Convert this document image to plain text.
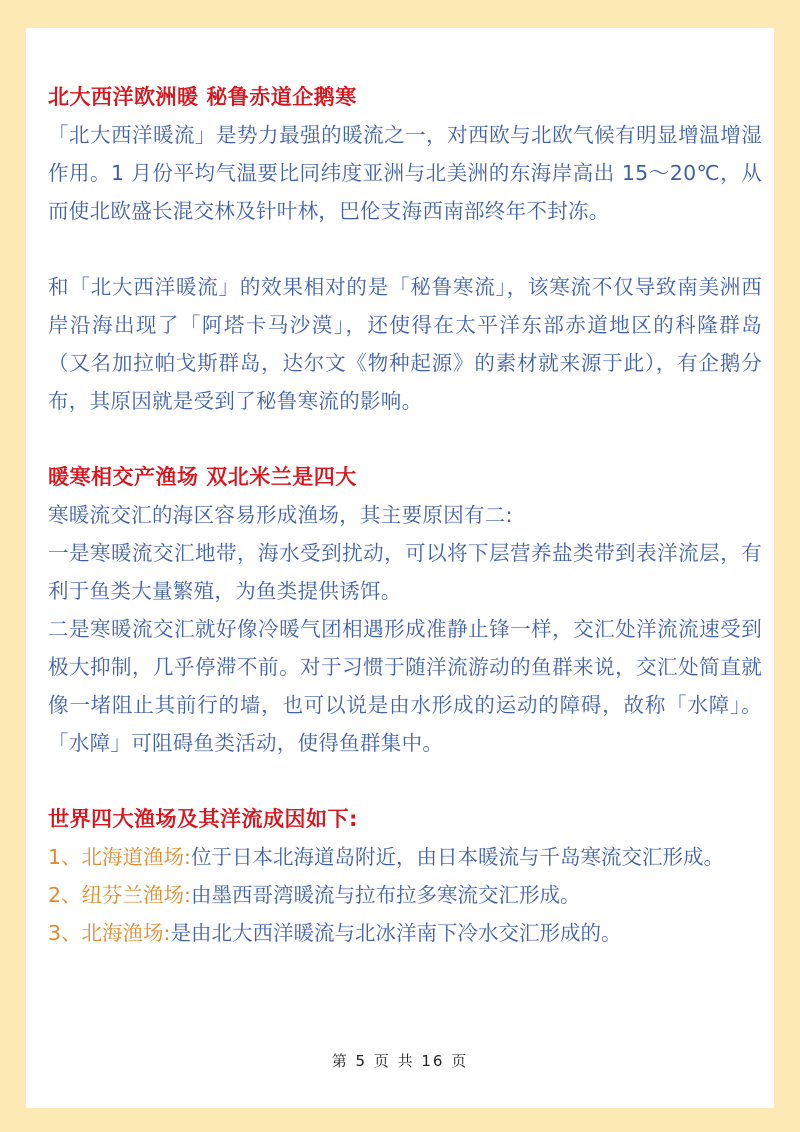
北大西洋欧洲暖 秘鲁赤道企鹅寒
「北大西洋暖流」是势力最强的暖流之一，对西欧与北欧气候有明显增温增湿作用。1 月份平均气温要比同纬度亚洲与北美洲的东海岸高出 15～20℃，从而使北欧盛长混交林及针叶林，巴伦支海西南部终年不封冻。
和「北大西洋暖流」的效果相对的是「秘鲁寒流」，该寒流不仅导致南美洲西岸沿海出现了「阿塔卡马沙漠」，还使得在太平洋东部赤道地区的科隆群岛（又名加拉帕戈斯群岛，达尔文《物种起源》的素材就来源于此），有企鹅分布，其原因就是受到了秘鲁寒流的影响。
暖寒相交产渔场 双北米兰是四大
寒暖流交汇的海区容易形成渔场，其主要原因有二:
一是寒暖流交汇地带，海水受到扰动，可以将下层营养盐类带到表洋流层，有利于鱼类大量繁殖，为鱼类提供诱饵。
二是寒暖流交汇就好像冷暖气团相遇形成准静止锋一样，交汇处洋流流速受到极大抑制，几乎停滞不前。对于习惯于随洋流游动的鱼群来说，交汇处简直就像一堵阻止其前行的墙，也可以说是由水形成的运动的障碍，故称「水障」。「水障」可阻碍鱼类活动，使得鱼群集中。
世界四大渔场及其洋流成因如下:
1、北海道渔场:位于日本北海道岛附近，由日本暖流与千岛寒流交汇形成。
2、纽芬兰渔场:由墨西哥湾暖流与拉布拉多寒流交汇形成。
3、北海渔场:是由北大西洋暖流与北冰洋南下冷水交汇形成的。
第 5 页 共 16 页
